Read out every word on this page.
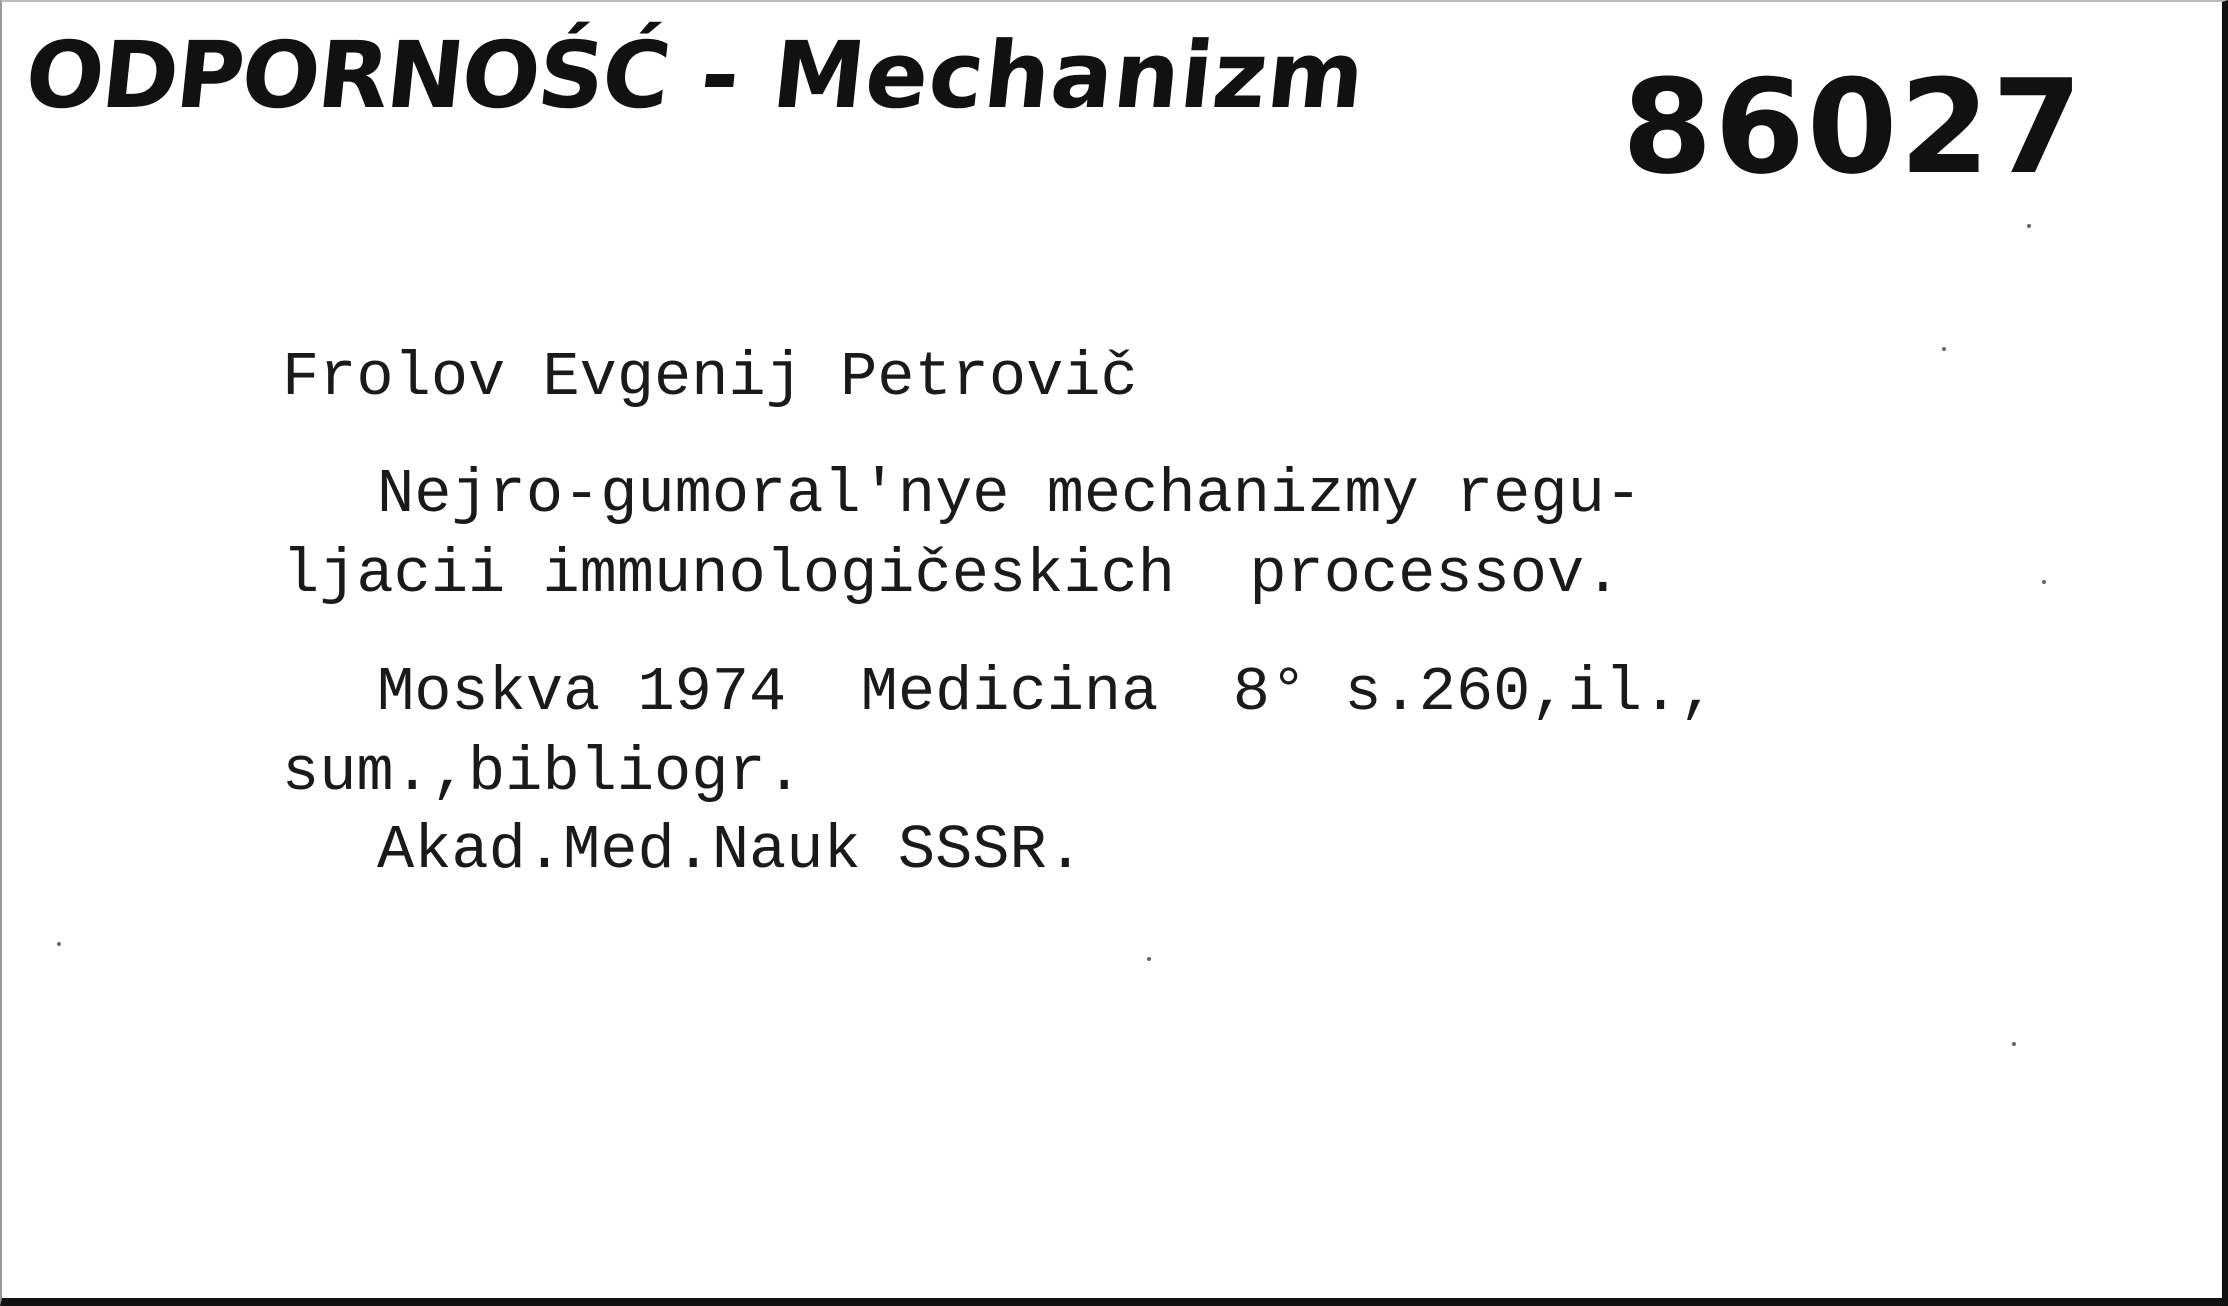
ODPORNOŚĆ - Mechanizm 86027
Frolov Evgenij Petrovič
Nejro-gumoral′nye mechanizmy regu-
ljacii immunologičeskich  processov.
Moskva 1974  Medicina  8° s.260,il.,
sum.,bibliogr.
Akad.Med.Nauk SSSR.
